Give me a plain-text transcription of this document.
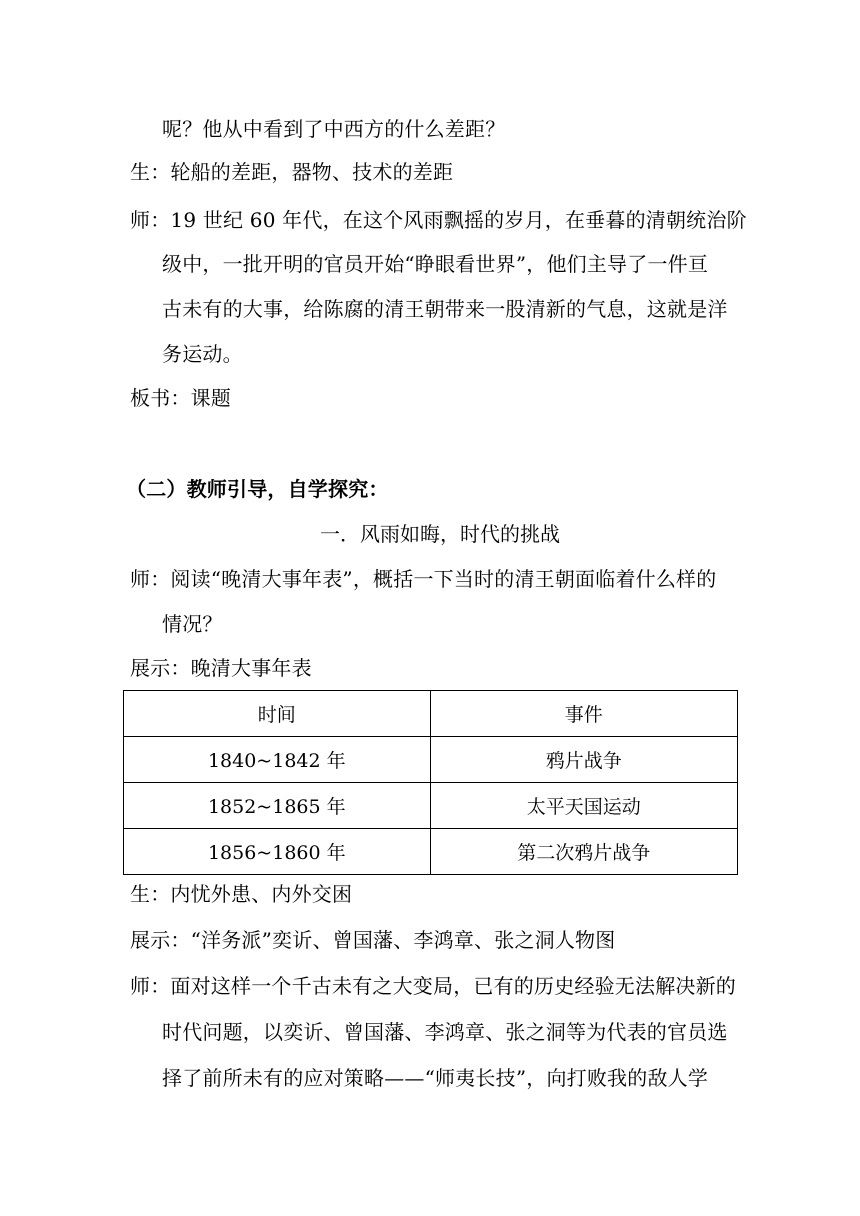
呢？他从中看到了中西方的什么差距？
生：轮船的差距，器物、技术的差距
师：19 世纪 60 年代，在这个风雨飘摇的岁月，在垂暮的清朝统治阶
级中，一批开明的官员开始“睁眼看世界”，他们主导了一件亘
古未有的大事，给陈腐的清王朝带来一股清新的气息，这就是洋
务运动。
板书：课题
（二）教师引导，自学探究：
一．风雨如晦，时代的挑战
师：阅读“晚清大事年表”，概括一下当时的清王朝面临着什么样的
情况？
展示：晚清大事年表
时间	事件
1840~1842 年	鸦片战争
1852~1865 年	太平天国运动
1856~1860 年	第二次鸦片战争
生：内忧外患、内外交困
展示：“洋务派”奕䜣、曾国藩、李鸿章、张之洞人物图
师：面对这样一个千古未有之大变局，已有的历史经验无法解决新的
时代问题，以奕䜣、曾国藩、李鸿章、张之洞等为代表的官员选
择了前所未有的应对策略——“师夷长技”，向打败我的敌人学
